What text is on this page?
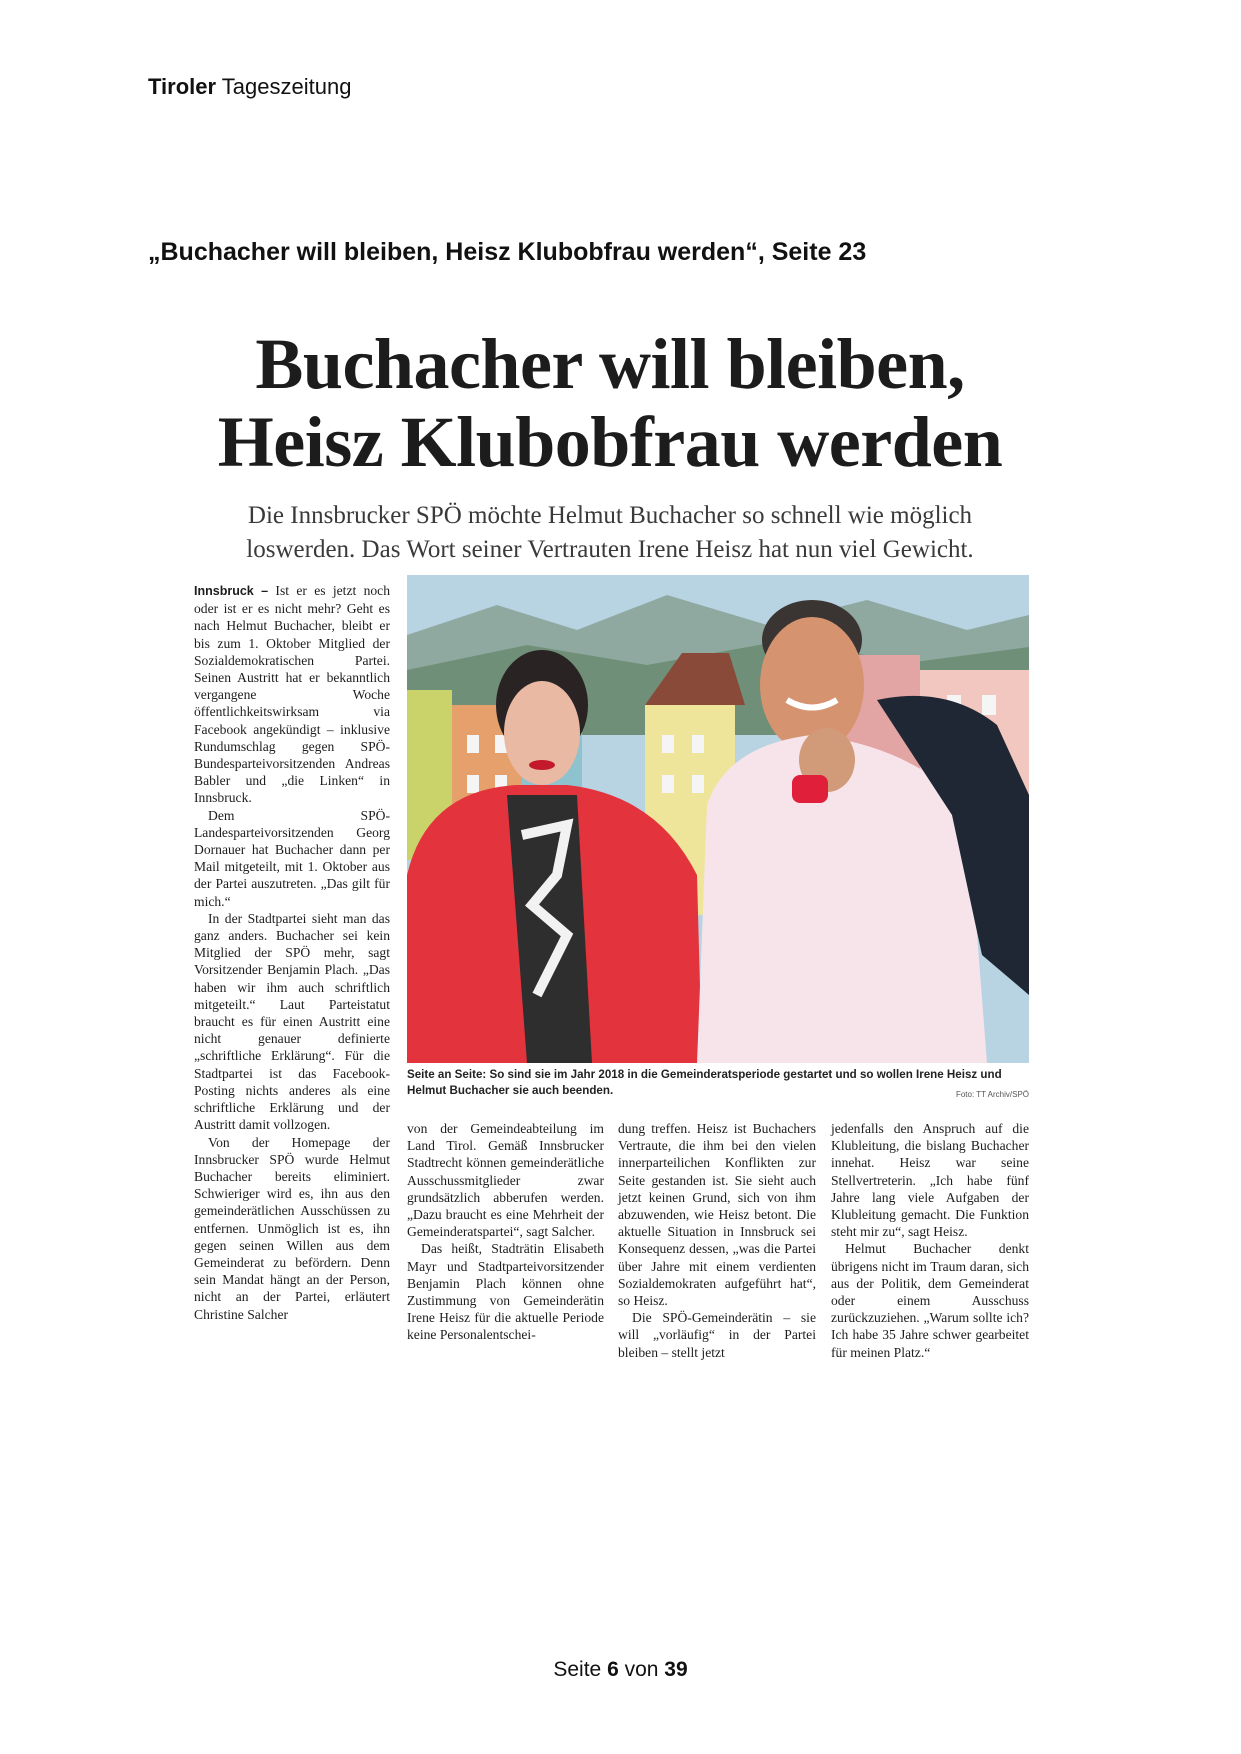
Tiroler Tageszeitung
„Buchacher will bleiben, Heisz Klubobfrau werden“, Seite 23
Buchacher will bleiben,
Heisz Klubobfrau werden
Die Innsbrucker SPÖ möchte Helmut Buchacher so schnell wie möglich
loswerden. Das Wort seiner Vertrauten Irene Heisz hat nun viel Gewicht.

Innsbruck – Ist er es jetzt noch oder ist er es nicht mehr? Geht es nach Helmut Buchacher, bleibt er bis zum 1. Oktober Mitglied der Sozialdemokratischen Partei. Seinen Austritt hat er bekanntlich vergangene Woche öffentlichkeitswirksam via Facebook angekündigt – inklusive Rundumschlag gegen SPÖ-Bundesparteivorsitzenden Andreas Babler und „die Linken“ in Innsbruck.

Dem SPÖ-Landesparteivorsitzenden Georg Dornauer hat Buchacher dann per Mail mitgeteilt, mit 1. Oktober aus der Partei auszutreten. „Das gilt für mich.“

In der Stadtpartei sieht man das ganz anders. Buchacher sei kein Mitglied der SPÖ mehr, sagt Vorsitzender Benjamin Plach. „Das haben wir ihm auch schriftlich mitgeteilt.“ Laut Parteistatut braucht es für einen Austritt eine nicht genauer definierte „schriftliche Erklärung“. Für die Stadtpartei ist das Facebook-Posting nichts anderes als eine schriftliche Erklärung und der Austritt damit vollzogen.

Von der Homepage der Innsbrucker SPÖ wurde Helmut Buchacher bereits eliminiert. Schwieriger wird es, ihn aus den gemeinderätlichen Ausschüssen zu entfernen. Unmöglich ist es, ihn gegen seinen Willen aus dem Gemeinderat zu befördern. Denn sein Mandat hängt an der Person, nicht an der Partei, erläutert Christine Salcher

Seite an Seite: So sind sie im Jahr 2018 in die Gemeinderatsperiode gestartet und so wollen Irene Heisz und Helmut Buchacher sie auch beenden.	Foto: TT Archiv/SPÖ

von der Gemeindeabteilung im Land Tirol. Gemäß Innsbrucker Stadtrecht können gemeinderätliche Ausschussmitglieder zwar grundsätzlich abberufen werden. „Dazu braucht es eine Mehrheit der Gemeinderatspartei“, sagt Salcher.

Das heißt, Stadträtin Elisabeth Mayr und Stadtparteivorsitzender Benjamin Plach können ohne Zustimmung von Gemeinderätin Irene Heisz für die aktuelle Periode keine Personalentschei-

dung treffen. Heisz ist Buchachers Vertraute, die ihm bei den vielen innerparteilichen Konflikten zur Seite gestanden ist. Sie sieht auch jetzt keinen Grund, sich von ihm abzuwenden, wie Heisz betont. Die aktuelle Situation in Innsbruck sei Konsequenz dessen, „was die Partei über Jahre mit einem verdienten Sozialdemokraten aufgeführt hat“, so Heisz.

Die SPÖ-Gemeinderätin – sie will „vorläufig“ in der Partei bleiben – stellt jetzt

jedenfalls den Anspruch auf die Klubleitung, die bislang Buchacher innehat. Heisz war seine Stellvertreterin. „Ich habe fünf Jahre lang viele Aufgaben der Klubleitung gemacht. Die Funktion steht mir zu“, sagt Heisz.

Helmut Buchacher denkt übrigens nicht im Traum daran, sich aus der Politik, dem Gemeinderat oder einem Ausschuss zurückzuziehen. „Warum sollte ich? Ich habe 35 Jahre schwer gearbeitet für meinen Platz.“

Seite 6 von 39
